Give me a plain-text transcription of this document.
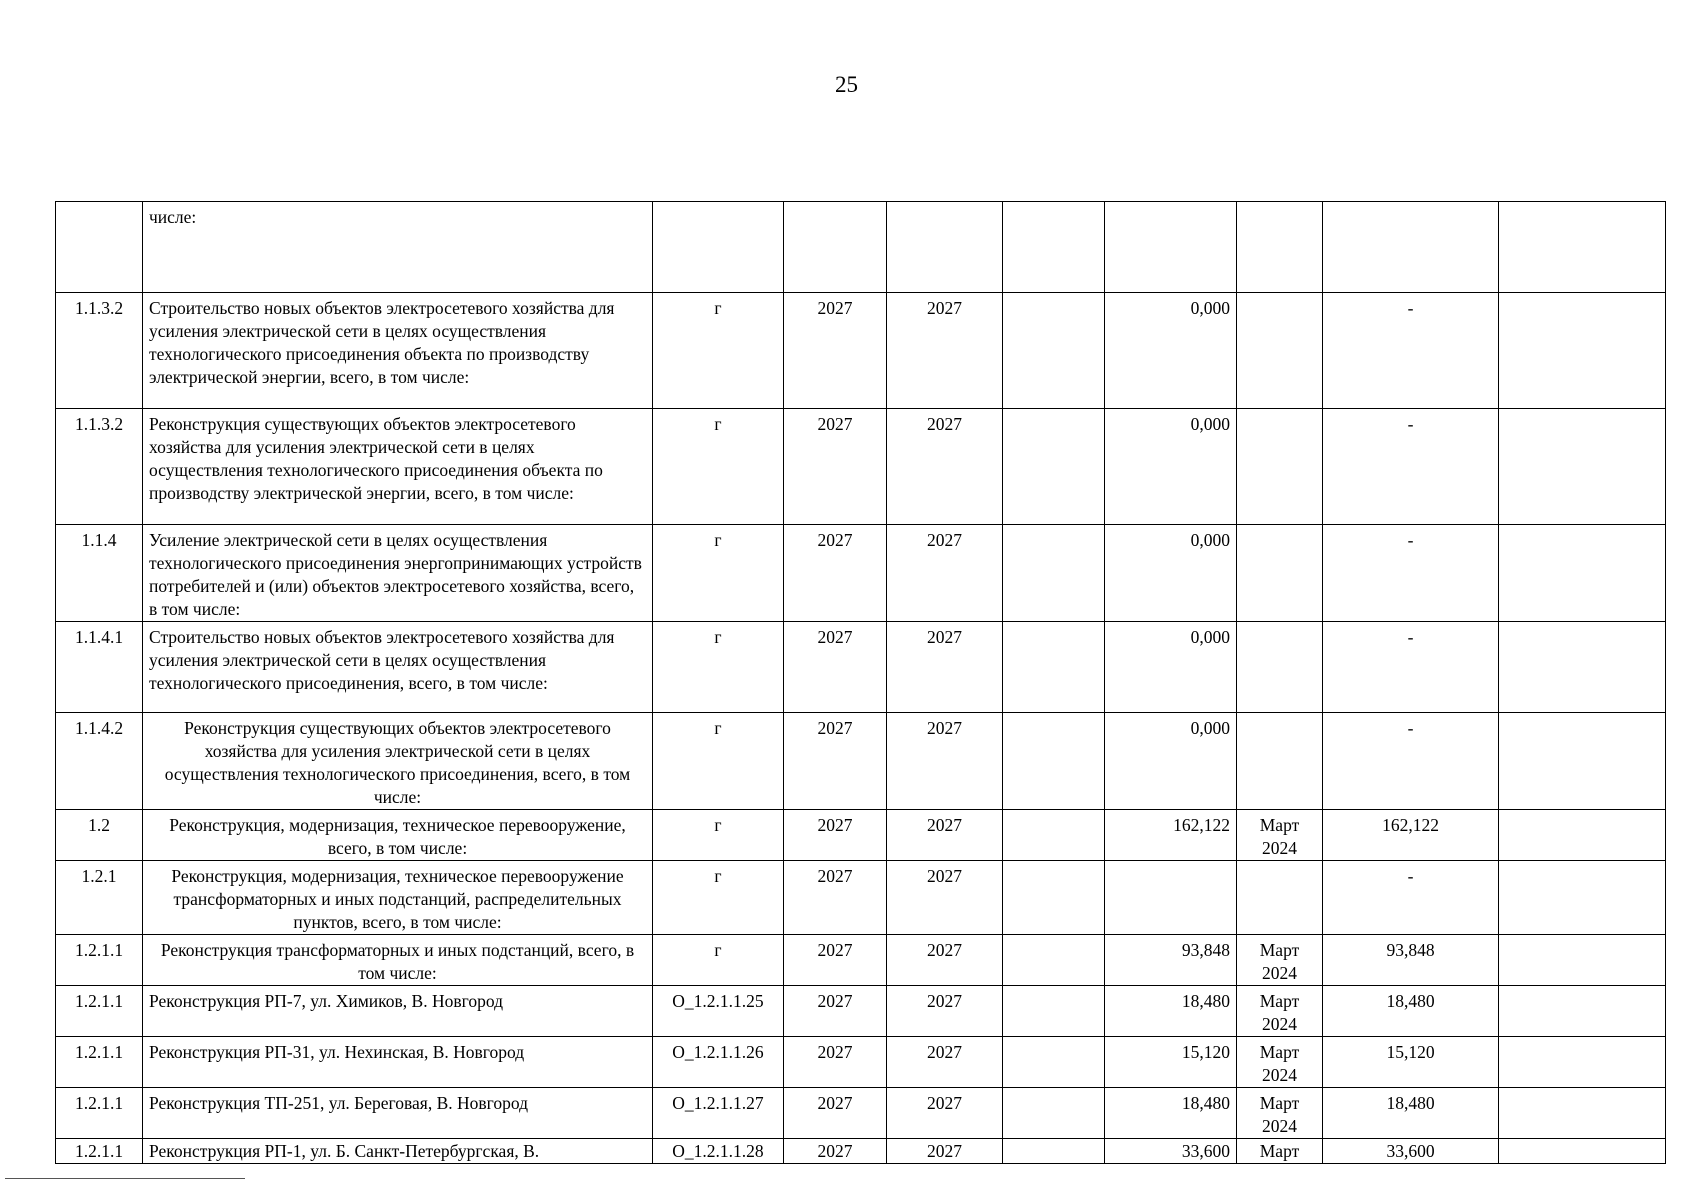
25
	числе:								
1.1.3.2	Строительство новых объектов электросетевого хозяйства для усиления электрической сети в целях осуществления технологического присоединения объекта по производству электрической энергии, всего, в том числе:	г	2027	2027		0,000		-	
1.1.3.2	Реконструкция существующих объектов электросетевого хозяйства для усиления электрической сети в целях осуществления технологического присоединения объекта по производству электрической энергии, всего, в том числе:	г	2027	2027		0,000		-	
1.1.4	Усиление электрической сети в целях осуществления технологического присоединения энергопринимающих устройств потребителей и (или) объектов электросетевого хозяйства, всего, в том числе:	г	2027	2027		0,000		-	
1.1.4.1	Строительство новых объектов электросетевого хозяйства для усиления электрической сети в целях осуществления технологического присоединения, всего, в том числе:	г	2027	2027		0,000		-	
1.1.4.2	Реконструкция существующих объектов электросетевого хозяйства для усиления электрической сети в целях осуществления технологического присоединения, всего, в том числе:	г	2027	2027		0,000		-	
1.2	Реконструкция, модернизация, техническое перевооружение, всего, в том числе:	г	2027	2027		162,122	Март 2024	162,122	
1.2.1	Реконструкция, модернизация, техническое перевооружение трансформаторных и иных подстанций, распределительных пунктов, всего, в том числе:	г	2027	2027				-	
1.2.1.1	Реконструкция трансформаторных и иных подстанций, всего, в том числе:	г	2027	2027		93,848	Март 2024	93,848	
1.2.1.1	Реконструкция РП-7, ул. Химиков, В. Новгород	О_1.2.1.1.25	2027	2027		18,480	Март 2024	18,480	
1.2.1.1	Реконструкция РП-31, ул. Нехинская, В. Новгород	О_1.2.1.1.26	2027	2027		15,120	Март 2024	15,120	
1.2.1.1	Реконструкция ТП-251, ул. Береговая, В. Новгород	О_1.2.1.1.27	2027	2027		18,480	Март 2024	18,480	
1.2.1.1	Реконструкция РП-1, ул. Б. Санкт-Петербургская, В.	О_1.2.1.1.28	2027	2027		33,600	Март	33,600	
